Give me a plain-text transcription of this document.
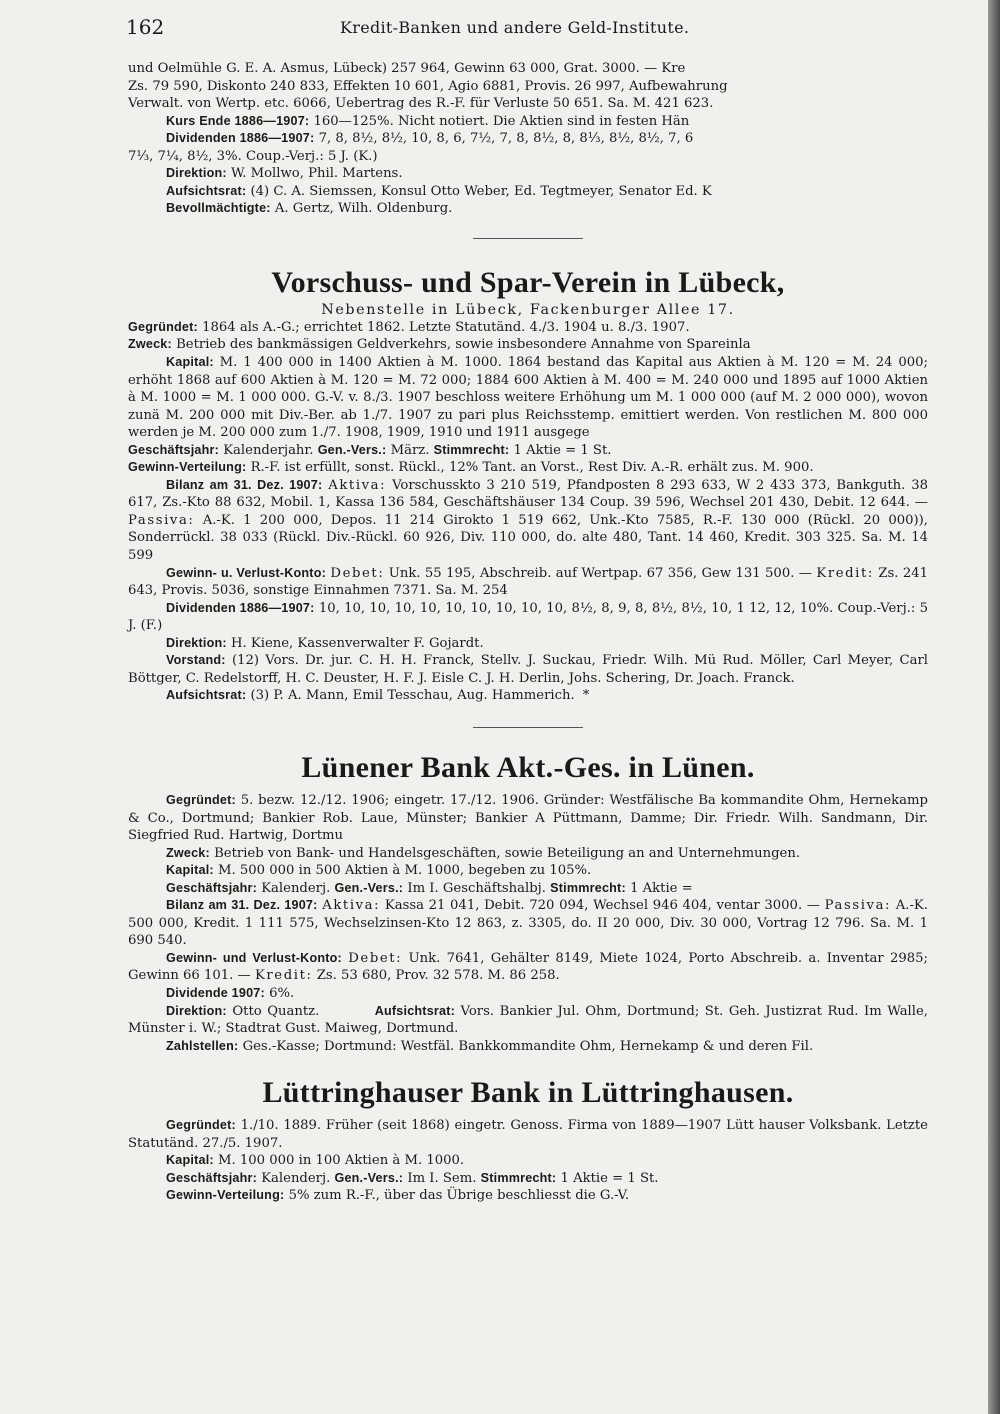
162	Kredit-Banken und andere Geld-Institute.

und Oelmühle G. E. A. Asmus, Lübeck) 257 964, Gewinn 63 000, Grat. 3000. — Kre

Zs. 79 590, Diskonto 240 833, Effekten 10 601, Agio 6881, Provis. 26 997, Aufbewahrung

Verwalt. von Wertp. etc. 6066, Uebertrag des R.-F. für Verluste 50 651. Sa. M. 421 623.

Kurs Ende 1886—1907: 160—125%. Nicht notiert. Die Aktien sind in festen Hän

Dividenden 1886—1907: 7, 8, 8½, 8½, 10, 8, 6, 7½, 7, 8, 8½, 8, 8⅓, 8½, 8½, 7, 6

7⅓, 7¼, 8½, 3%. Coup.-Verj.: 5 J. (K.)

Direktion: W. Mollwo, Phil. Martens.

Aufsichtsrat: (4) C. A. Siemssen, Konsul Otto Weber, Ed. Tegtmeyer, Senator Ed. K

Bevollmächtigte: A. Gertz, Wilh. Oldenburg.

Vorschuss- und Spar-Verein in Lübeck,
Nebenstelle in Lübeck, Fackenburger Allee 17.

Gegründet: 1864 als A.-G.; errichtet 1862. Letzte Statutänd. 4./3. 1904 u. 8./3. 1907.

Zweck: Betrieb des bankmässigen Geldverkehrs, sowie insbesondere Annahme von Spareinla

Kapital: M. 1 400 000 in 1400 Aktien à M. 1000. 1864 bestand das Kapital aus Aktien à M. 120 = M. 24 000; erhöht 1868 auf 600 Aktien à M. 120 = M. 72 000; 1884 600 Aktien à M. 400 = M. 240 000 und 1895 auf 1000 Aktien à M. 1000 = M. 1 000 000. G.-V. v. 8./3. 1907 beschloss weitere Erhöhung um M. 1 000 000 (auf M. 2 000 000), wovon zunä M. 200 000 mit Div.-Ber. ab 1./7. 1907 zu pari plus Reichsstemp. emittiert werden. Von restlichen M. 800 000 werden je M. 200 000 zum 1./7. 1908, 1909, 1910 und 1911 ausgege

Geschäftsjahr: Kalenderjahr. Gen.-Vers.: März. Stimmrecht: 1 Aktie = 1 St.

Gewinn-Verteilung: R.-F. ist erfüllt, sonst. Rückl., 12% Tant. an Vorst., Rest Div. A.-R. erhält zus. M. 900.

Bilanz am 31. Dez. 1907: Aktiva: Vorschusskto 3 210 519, Pfandposten 8 293 633, W 2 433 373, Bankguth. 38 617, Zs.-Kto 88 632, Mobil. 1, Kassa 136 584, Geschäftshäuser 134 Coup. 39 596, Wechsel 201 430, Debit. 12 644. — Passiva: A.-K. 1 200 000, Depos. 11 214 Girokto 1 519 662, Unk.-Kto 7585, R.-F. 130 000 (Rückl. 20 000)), Sonderrückl. 38 033 (Rückl. Div.-Rückl. 60 926, Div. 110 000, do. alte 480, Tant. 14 460, Kredit. 303 325. Sa. M. 14 599

Gewinn- u. Verlust-Konto: Debet: Unk. 55 195, Abschreib. auf Wertpap. 67 356, Gew 131 500. — Kredit: Zs. 241 643, Provis. 5036, sonstige Einnahmen 7371. Sa. M. 254

Dividenden 1886—1907: 10, 10, 10, 10, 10, 10, 10, 10, 10, 10, 8½, 8, 9, 8, 8½, 8½, 10, 1 12, 12, 10%. Coup.-Verj.: 5 J. (F.)

Direktion: H. Kiene, Kassenverwalter F. Gojardt.

Vorstand: (12) Vors. Dr. jur. C. H. H. Franck, Stellv. J. Suckau, Friedr. Wilh. Mü Rud. Möller, Carl Meyer, Carl Böttger, C. Redelstorff, H. C. Deuster, H. F. J. Eisle C. J. H. Derlin, Johs. Schering, Dr. Joach. Franck.

Aufsichtsrat: (3) P. A. Mann, Emil Tesschau, Aug. Hammerich. *

Lünener Bank Akt.-Ges. in Lünen.

Gegründet: 5. bezw. 12./12. 1906; eingetr. 17./12. 1906. Gründer: Westfälische Ba kommandite Ohm, Hernekamp & Co., Dortmund; Bankier Rob. Laue, Münster; Bankier A Püttmann, Damme; Dir. Friedr. Wilh. Sandmann, Dir. Siegfried Rud. Hartwig, Dortmu

Zweck: Betrieb von Bank- und Handelsgeschäften, sowie Beteiligung an and Unternehmungen.

Kapital: M. 500 000 in 500 Aktien à M. 1000, begeben zu 105%.

Geschäftsjahr: Kalenderj. Gen.-Vers.: Im I. Geschäftshalbj. Stimmrecht: 1 Aktie =

Bilanz am 31. Dez. 1907: Aktiva: Kassa 21 041, Debit. 720 094, Wechsel 946 404, ventar 3000. — Passiva: A.-K. 500 000, Kredit. 1 111 575, Wechselzinsen-Kto 12 863, z. 3305, do. II 20 000, Div. 30 000, Vortrag 12 796. Sa. M. 1 690 540.

Gewinn- und Verlust-Konto: Debet: Unk. 7641, Gehälter 8149, Miete 1024, Porto Abschreib. a. Inventar 2985; Gewinn 66 101. — Kredit: Zs. 53 680, Prov. 32 578. M. 86 258.

Dividende 1907: 6%.

Direktion: Otto Quantz.	Aufsichtsrat: Vors. Bankier Jul. Ohm, Dortmund; St. Geh. Justizrat Rud. Im Walle, Münster i. W.; Stadtrat Gust. Maiweg, Dortmund.

Zahlstellen: Ges.-Kasse; Dortmund: Westfäl. Bankkommandite Ohm, Hernekamp & und deren Fil.

Lüttringhauser Bank in Lüttringhausen.

Gegründet: 1./10. 1889. Früher (seit 1868) eingetr. Genoss. Firma von 1889—1907 Lütt hauser Volksbank. Letzte Statutänd. 27./5. 1907.

Kapital: M. 100 000 in 100 Aktien à M. 1000.

Geschäftsjahr: Kalenderj. Gen.-Vers.: Im I. Sem. Stimmrecht: 1 Aktie = 1 St.

Gewinn-Verteilung: 5% zum R.-F., über das Übrige beschliesst die G.-V.
